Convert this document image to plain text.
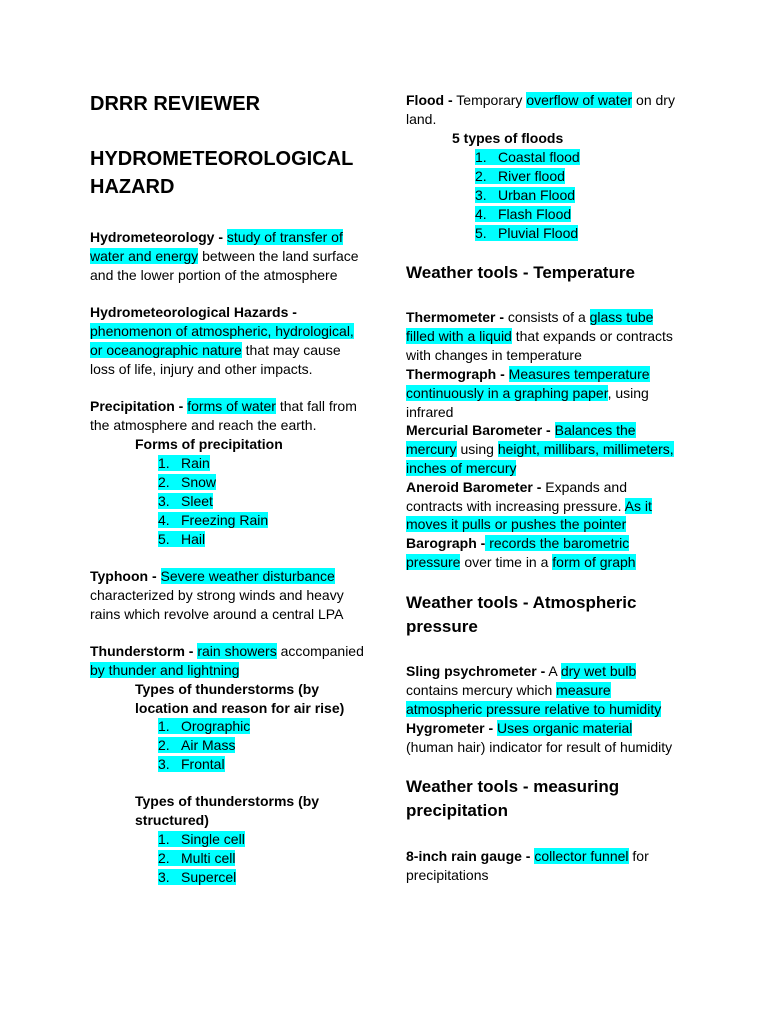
DRRR REVIEWER
HYDROMETEOROLOGICAL
HAZARD
Hydrometeorology - study of transfer of
water and energy between the land surface
and the lower portion of the atmosphere
Hydrometeorological Hazards -
phenomenon of atmospheric, hydrological,
or oceanographic nature that may cause
loss of life, injury and other impacts.
Precipitation - forms of water that fall from
the atmosphere and reach the earth.
Forms of precipitation
1. Rain
2. Snow
3. Sleet
4. Freezing Rain
5. Hail
Typhoon - Severe weather disturbance
characterized by strong winds and heavy
rains which revolve around a central LPA
Thunderstorm - rain showers accompanied
by thunder and lightning
Types of thunderstorms (by
location and reason for air rise)
1. Orographic
2. Air Mass
3. Frontal
Types of thunderstorms (by
structured)
1. Single cell
2. Multi cell
3. Supercel
Flood - Temporary overflow of water on dry
land.
5 types of floods
1. Coastal flood
2. River flood
3. Urban Flood
4. Flash Flood
5. Pluvial Flood
Weather tools - Temperature
Thermometer - consists of a glass tube
filled with a liquid that expands or contracts
with changes in temperature
Thermograph - Measures temperature
continuously in a graphing paper, using
infrared
Mercurial Barometer - Balances the
mercury using height, millibars, millimeters,
inches of mercury
Aneroid Barometer - Expands and
contracts with increasing pressure. As it
moves it pulls or pushes the pointer
Barograph - records the barometric
pressure over time in a form of graph
Weather tools - Atmospheric
pressure
Sling psychrometer - A dry wet bulb
contains mercury which measure
atmospheric pressure relative to humidity
Hygrometer - Uses organic material
(human hair) indicator for result of humidity
Weather tools - measuring
precipitation
8-inch rain gauge - collector funnel for
precipitations
